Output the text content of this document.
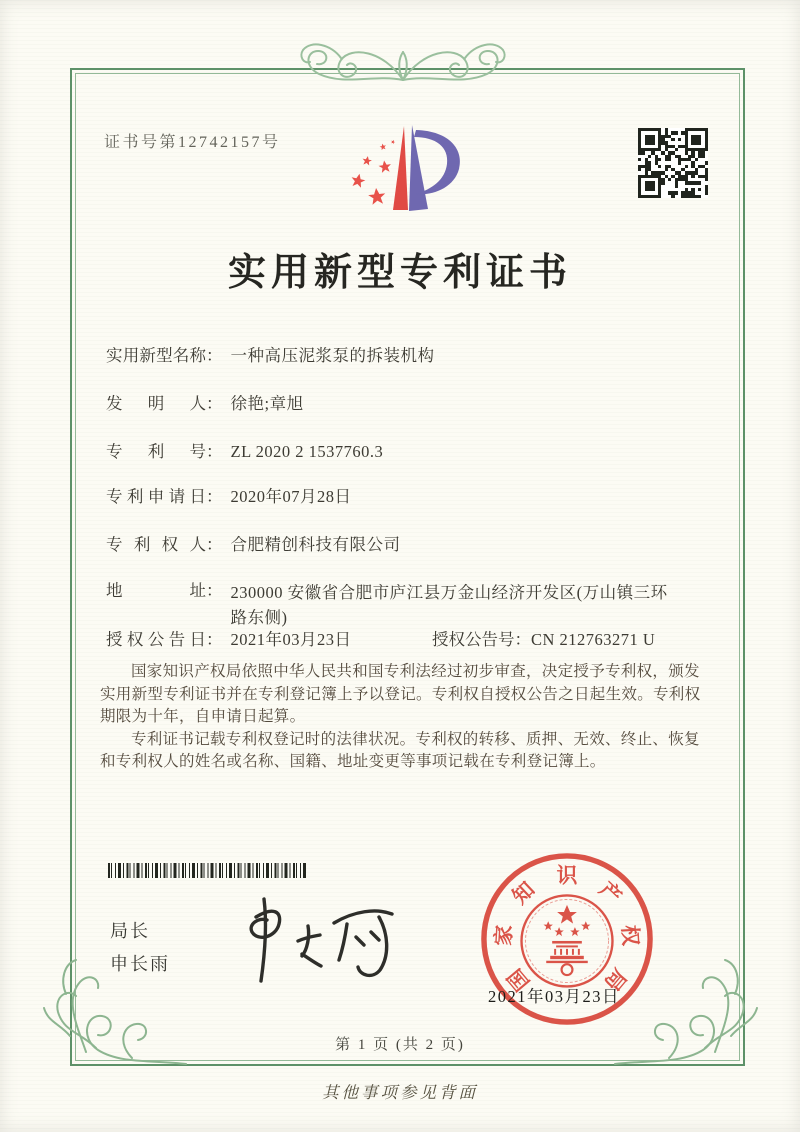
证书号第12742157号
实用新型专利证书
实用新型名称： 一种高压泥浆泵的拆装机构
发明人： 徐艳;章旭
专利号： ZL 2020 2 1537760.3
专利申请日： 2020年07月28日
专利权人： 合肥精创科技有限公司
地址： 230000 安徽省合肥市庐江县万金山经济开发区(万山镇三环路东侧)
授权公告日： 2021年03月23日	授权公告号：CN 212763271 U

国家知识产权局依照中华人民共和国专利法经过初步审查，决定授予专利权，颁发实用新型专利证书并在专利登记簿上予以登记。专利权自授权公告之日起生效。专利权期限为十年，自申请日起算。

专利证书记载专利权登记时的法律状况。专利权的转移、质押、无效、终止、恢复和专利权人的姓名或名称、国籍、地址变更等事项记载在专利登记簿上。

局长
申长雨
国
家
知
识
产
权
局
2021年03月23日
第 1 页 (共 2 页)
其他事项参见背面
